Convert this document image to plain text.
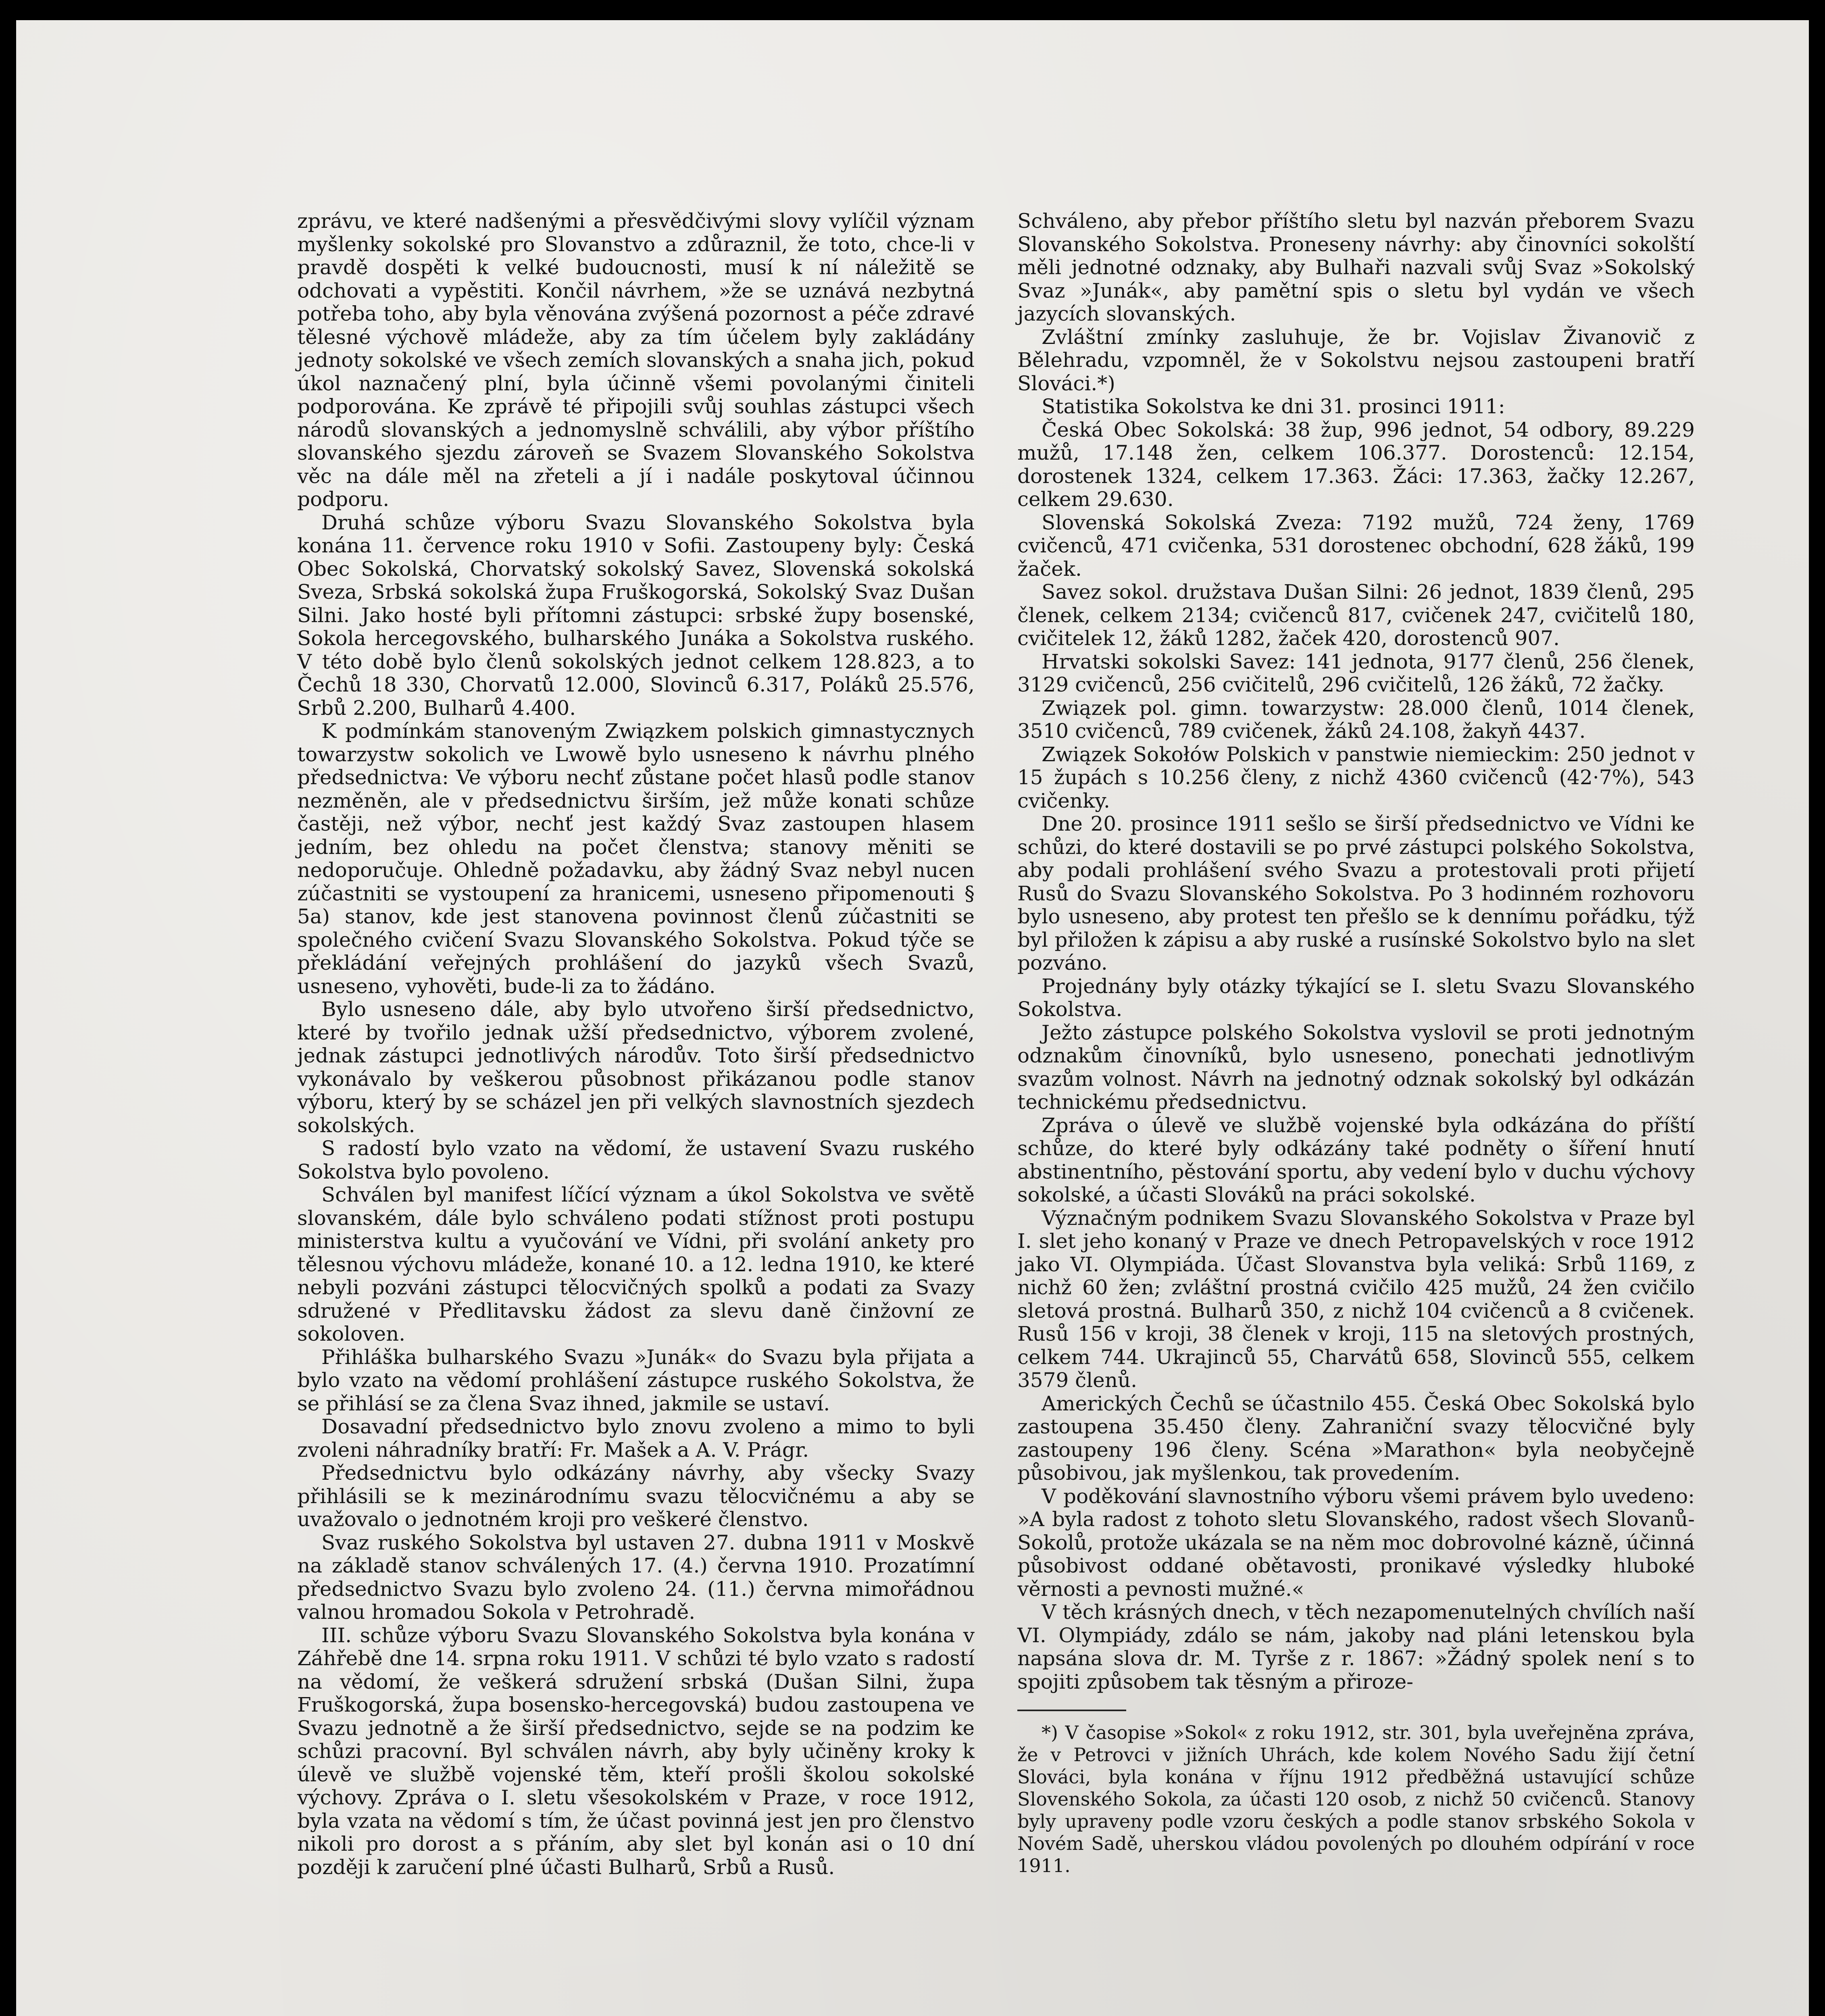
zprávu, ve které nadšenými a přesvědčivými slovy vylíčil význam myšlenky sokolské pro Slovanstvo a zdůraznil, že toto, chce-li v pravdě dospěti k velké budoucnosti, musí k ní náležitě se odchovati a vypěstiti. Končil návrhem, »že se uznává nezbytná potřeba toho, aby byla věnována zvýšená pozornost a péče zdravé tělesné výchově mládeže, aby za tím účelem byly zakládány jednoty sokolské ve všech zemích slovanských a snaha jich, pokud úkol naznačený plní, byla účinně všemi povolanými činiteli podporována. Ke zprávě té připojili svůj souhlas zástupci všech národů slovanských a jednomyslně schválili, aby výbor příštího slovanského sjezdu zároveň se Svazem Slovanského Sokolstva věc na dále měl na zřeteli a jí i nadále poskytoval účinnou podporu.

Druhá schůze výboru Svazu Slovanského Sokolstva byla konána 11. července roku 1910 v Sofii. Zastoupeny byly: Česká Obec Sokolská, Chorvatský sokolský Savez, Slovenská sokolská Sveza, Srbská sokolská župa Fruškogorská, Sokolský Svaz Dušan Silni. Jako hosté byli přítomni zástupci: srbské župy bosenské, Sokola hercegovského, bulharského Junáka a Sokolstva ruského. V této době bylo členů sokolských jednot celkem 128.823, a to Čechů 18 330, Chorvatů 12.000, Slovinců 6.317, Poláků 25.576, Srbů 2.200, Bulharů 4.400.

K podmínkám stanoveným Związkem polskich gimnastycznych towarzystw sokolich ve Lwowě bylo usneseno k návrhu plného předsednictva: Ve výboru nechť zůstane počet hlasů podle stanov nezměněn, ale v předsednictvu širším, jež může konati schůze častěji, než výbor, nechť jest každý Svaz zastoupen hlasem jedním, bez ohledu na počet členstva; stanovy měniti se nedoporučuje. Ohledně požadavku, aby žádný Svaz nebyl nucen zúčastniti se vystoupení za hranicemi, usneseno připomenouti § 5a) stanov, kde jest stanovena povinnost členů zúčastniti se společného cvičení Svazu Slovanského Sokolstva. Pokud týče se překládání veřejných prohlášení do jazyků všech Svazů, usneseno, vyhověti, bude-li za to žádáno.

Bylo usneseno dále, aby bylo utvořeno širší předsednictvo, které by tvořilo jednak užší předsednictvo, výborem zvolené, jednak zástupci jednotlivých národův. Toto širší předsednictvo vykonávalo by veškerou působnost přikázanou podle stanov výboru, který by se scházel jen při velkých slavnostních sjezdech sokolských.

S radostí bylo vzato na vědomí, že ustavení Svazu ruského Sokolstva bylo povoleno.

Schválen byl manifest líčící význam a úkol Sokolstva ve světě slovanském, dále bylo schváleno podati stížnost proti postupu ministerstva kultu a vyučování ve Vídni, při svolání ankety pro tělesnou výchovu mládeže, konané 10. a 12. ledna 1910, ke které nebyli pozváni zástupci tělocvičných spolků a podati za Svazy sdružené v Předlitavsku žádost za slevu daně činžovní ze sokoloven.

Přihláška bulharského Svazu »Junák« do Svazu byla přijata a bylo vzato na vědomí prohlášení zástupce ruského Sokolstva, že se přihlásí se za člena Svaz ihned, jakmile se ustaví.

Dosavadní předsednictvo bylo znovu zvoleno a mimo to byli zvoleni náhradníky bratří: Fr. Mašek a A. V. Prágr.

Předsednictvu bylo odkázány návrhy, aby všecky Svazy přihlásili se k mezinárodnímu svazu tělocvičnému a aby se uvažovalo o jednotném kroji pro veškeré členstvo.

Svaz ruského Sokolstva byl ustaven 27. dubna 1911 v Moskvě na základě stanov schválených 17. (4.) června 1910. Prozatímní předsednictvo Svazu bylo zvoleno 24. (11.) června mimořádnou valnou hromadou Sokola v Petrohradě.

III. schůze výboru Svazu Slovanského Sokolstva byla konána v Záhřebě dne 14. srpna roku 1911. V schůzi té bylo vzato s radostí na vědomí, že veškerá sdružení srbská (Dušan Silni, župa Fruškogorská, župa bosensko-hercegovská) budou zastoupena ve Svazu jednotně a že širší předsednictvo, sejde se na podzim ke schůzi pracovní. Byl schválen návrh, aby byly učiněny kroky k úlevě ve službě vojenské těm, kteří prošli školou sokolské výchovy. Zpráva o I. sletu všesokolském v Praze, v roce 1912, byla vzata na vědomí s tím, že účast povinná jest jen pro členstvo nikoli pro dorost a s přáním, aby slet byl konán asi o 10 dní později k zaručení plné účasti Bulharů, Srbů a Rusů.

Schváleno, aby přebor příštího sletu byl nazván přeborem Svazu Slovanského Sokolstva. Proneseny návrhy: aby činovníci sokolští měli jednotné odznaky, aby Bulhaři nazvali svůj Svaz »Sokolský Svaz »Junák«, aby pamětní spis o sletu byl vydán ve všech jazycích slovanských.

Zvláštní zmínky zasluhuje, že br. Vojislav Živanovič z Bělehradu, vzpomněl, že v Sokolstvu nejsou zastoupeni bratří Slováci.*)

Statistika Sokolstva ke dni 31. prosinci 1911:

Česká Obec Sokolská: 38 žup, 996 jednot, 54 odbory, 89.229 mužů, 17.148 žen, celkem 106.377. Dorostenců: 12.154, dorostenek 1324, celkem 17.363. Žáci: 17.363, žačky 12.267, celkem 29.630.

Slovenská Sokolská Zveza: 7192 mužů, 724 ženy, 1769 cvičenců, 471 cvičenka, 531 dorostenec obchodní, 628 žáků, 199 žaček.

Savez sokol. družstava Dušan Silni: 26 jednot, 1839 členů, 295 členek, celkem 2134; cvičenců 817, cvičenek 247, cvičitelů 180, cvičitelek 12, žáků 1282, žaček 420, dorostenců 907.

Hrvatski sokolski Savez: 141 jednota, 9177 členů, 256 členek, 3129 cvičenců, 256 cvičitelů, 296 cvičitelů, 126 žáků, 72 žačky.

Związek pol. gimn. towarzystw: 28.000 členů, 1014 členek, 3510 cvičenců, 789 cvičenek, žáků 24.108, žakyň 4437.

Związek Sokołów Polskich v panstwie niemieckim: 250 jednot v 15 župách s 10.256 členy, z nichž 4360 cvičenců (42·7%), 543 cvičenky.

Dne 20. prosince 1911 sešlo se širší předsednictvo ve Vídni ke schůzi, do které dostavili se po prvé zástupci polského Sokolstva, aby podali prohlášení svého Svazu a protestovali proti přijetí Rusů do Svazu Slovanského Sokolstva. Po 3 hodinném rozhovoru bylo usneseno, aby protest ten přešlo se k dennímu pořádku, týž byl přiložen k zápisu a aby ruské a rusínské Sokolstvo bylo na slet pozváno.

Projednány byly otázky týkající se I. sletu Svazu Slovanského Sokolstva.

Ježto zástupce polského Sokolstva vyslovil se proti jednotným odznakům činovníků, bylo usneseno, ponechati jednotlivým svazům volnost. Návrh na jednotný odznak sokolský byl odkázán technickému předsednictvu.

Zpráva o úlevě ve službě vojenské byla odkázána do příští schůze, do které byly odkázány také podněty o šíření hnutí abstinentního, pěstování sportu, aby vedení bylo v duchu výchovy sokolské, a účasti Slováků na práci sokolské.

Význačným podnikem Svazu Slovanského Sokolstva v Praze byl I. slet jeho konaný v Praze ve dnech Petropavelských v roce 1912 jako VI. Olympiáda. Účast Slovanstva byla veliká: Srbů 1169, z nichž 60 žen; zvláštní prostná cvičilo 425 mužů, 24 žen cvičilo sletová prostná. Bulharů 350, z nichž 104 cvičenců a 8 cvičenek. Rusů 156 v kroji, 38 členek v kroji, 115 na sletových prostných, celkem 744. Ukrajinců 55, Charvátů 658, Slovinců 555, celkem 3579 členů.

Amerických Čechů se účastnilo 455. Česká Obec Sokolská bylo zastoupena 35.450 členy. Zahraniční svazy tělocvičné byly zastoupeny 196 členy. Scéna »Marathon« byla neobyčejně působivou, jak myšlenkou, tak provedením.

V poděkování slavnostního výboru všemi právem bylo uvedeno: »A byla radost z tohoto sletu Slovanského, radost všech Slovanů-Sokolů, protože ukázala se na něm moc dobrovolné kázně, účinná působivost oddané obětavosti, pronikavé výsledky hluboké věrnosti a pevnosti mužné.«

V těch krásných dnech, v těch nezapomenutelných chvílích naší VI. Olympiády, zdálo se nám, jakoby nad pláni letenskou byla napsána slova dr. M. Tyrše z r. 1867: »Žádný spolek není s to spojiti způsobem tak těsným a přiroze-

*) V časopise »Sokol« z roku 1912, str. 301, byla uveřejněna zpráva, že v Petrovci v jižních Uhrách, kde kolem Nového Sadu žijí četní Slováci, byla konána v říjnu 1912 předběžná ustavující schůze Slovenského Sokola, za účasti 120 osob, z nichž 50 cvičenců. Stanovy byly upraveny podle vzoru českých a podle stanov srbského Sokola v Novém Sadě, uherskou vládou povolených po dlouhém odpírání v roce 1911.
